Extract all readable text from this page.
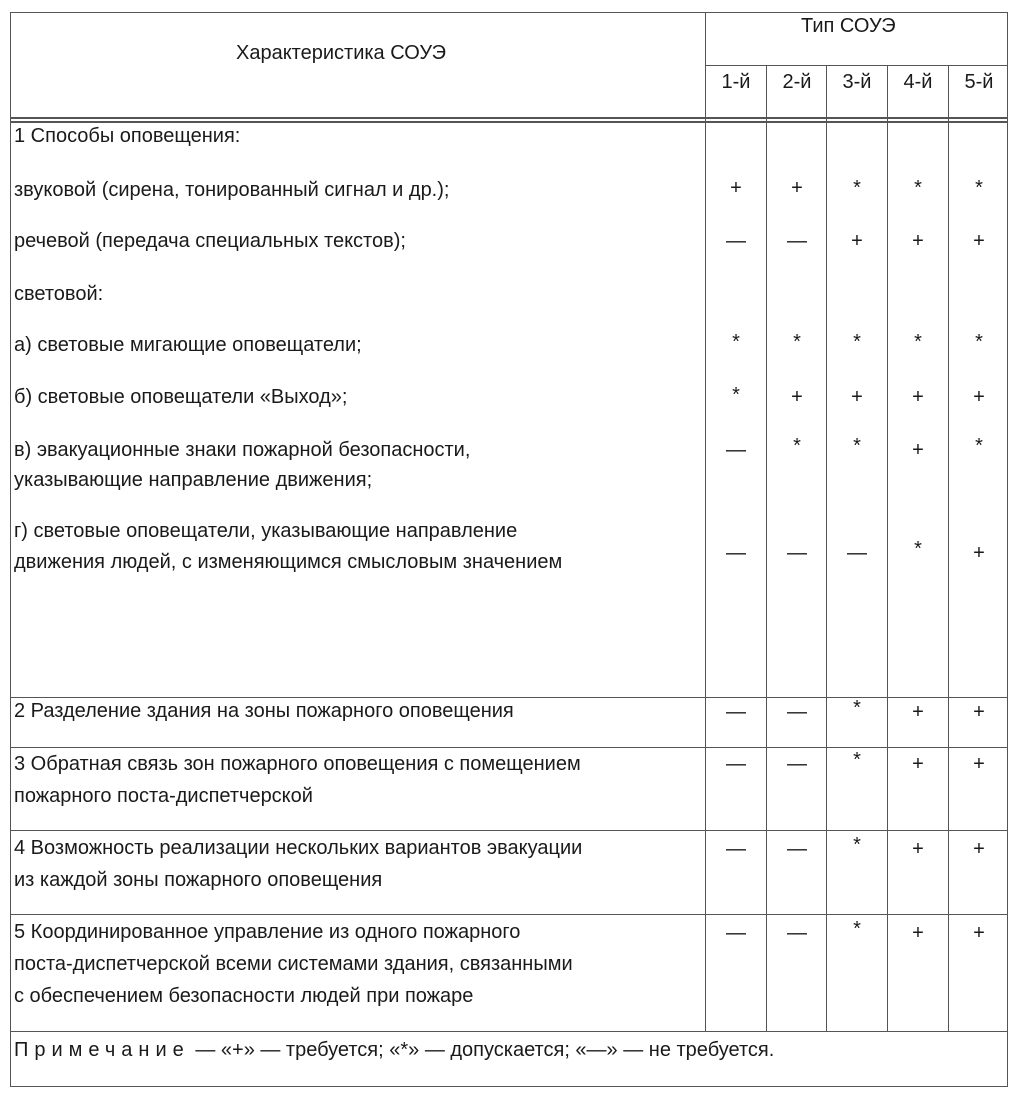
Характеристика СОУЭ
Тип СОУЭ
1-й	2-й	3-й	4-й	5-й
1 Способы оповещения:
звуковой (сирена, тонированный сигнал и др.);	+	+	*	*	*
речевой (передача специальных текстов);	—	—	+	+	+
световой:
а) световые мигающие оповещатели;	*	*	*	*	*
б) световые оповещатели «Выход»;	*	+	+	+	+
в) эвакуационные знаки пожарной безопасности,
указывающие направление движения;
—	*	*	+	*
г) световые оповещатели, указывающие направление
движения людей, с изменяющимся смысловым значением	—	—	—	*	+
2 Разделение здания на зоны пожарного оповещения	—	—	*	+	+
3 Обратная связь зон пожарного оповещения с помещением
пожарного поста-диспетчерской
—	—	*	+	+
4 Возможность реализации нескольких вариантов эвакуации
из каждой зоны пожарного оповещения
—	—	*	+	+
5 Координированное управление из одного пожарного
поста-диспетчерской всеми системами здания, связанными
с обеспечением безопасности людей при пожаре
—	—	*	+	+
Примечание — «+» — требуется; «*» — допускается; «—» — не требуется.
